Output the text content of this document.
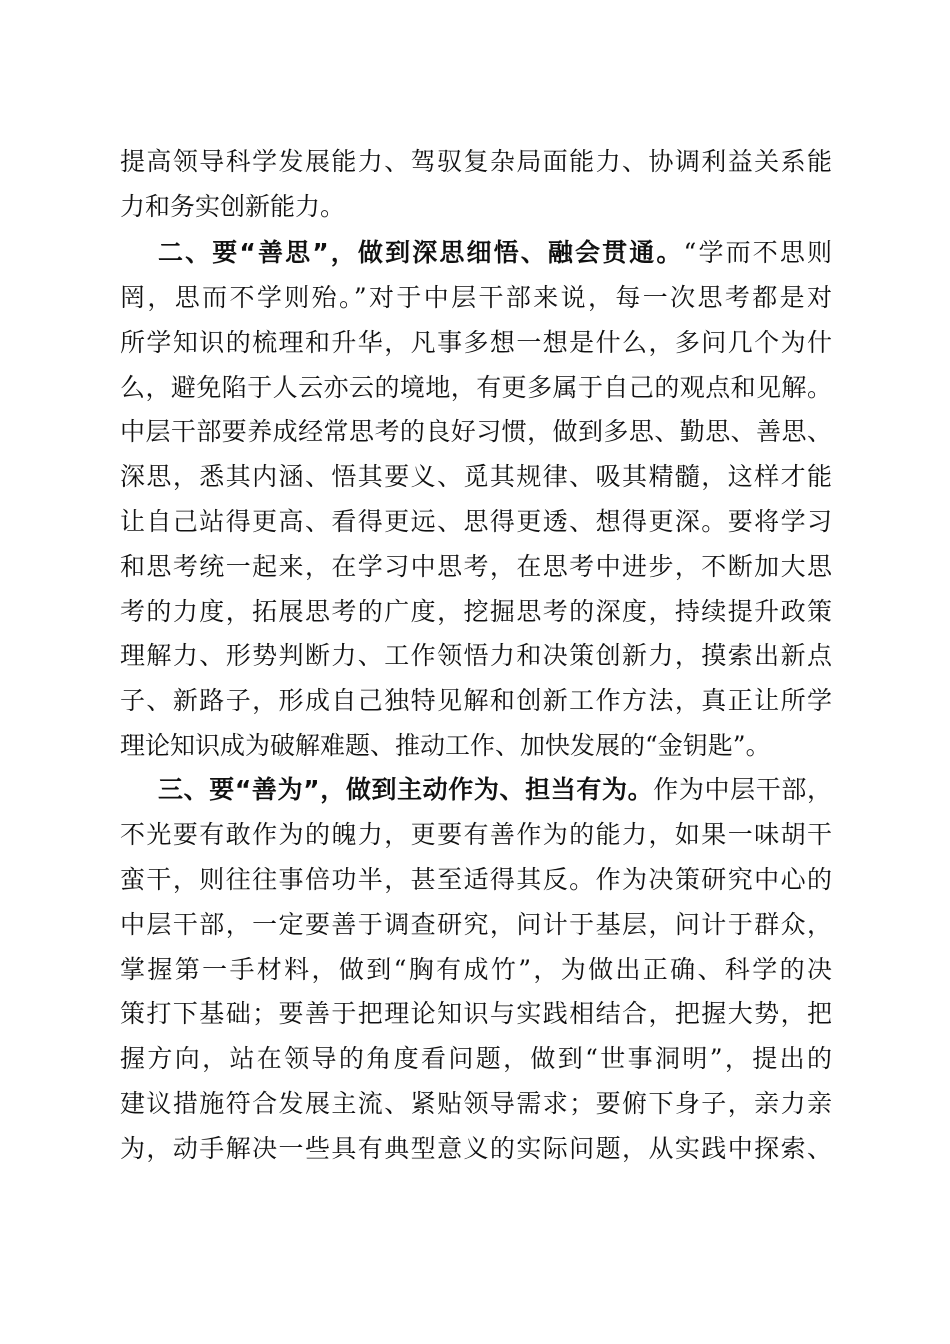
提高领导科学发展能力、驾驭复杂局面能力、协调利益关系能
力和务实创新能力。
二、要“善思”，做到深思细悟、融会贯通。“学而不思则
罔，思而不学则殆。”对于中层干部来说，每一次思考都是对
所学知识的梳理和升华，凡事多想一想是什么，多问几个为什
么，避免陷于人云亦云的境地，有更多属于自己的观点和见解。
中层干部要养成经常思考的良好习惯，做到多思、勤思、善思、
深思，悉其内涵、悟其要义、觅其规律、吸其精髓，这样才能
让自己站得更高、看得更远、思得更透、想得更深。要将学习
和思考统一起来，在学习中思考，在思考中进步，不断加大思
考的力度，拓展思考的广度，挖掘思考的深度，持续提升政策
理解力、形势判断力、工作领悟力和决策创新力，摸索出新点
子、新路子，形成自己独特见解和创新工作方法，真正让所学
理论知识成为破解难题、推动工作、加快发展的“金钥匙”。
三、要“善为”，做到主动作为、担当有为。作为中层干部，
不光要有敢作为的魄力，更要有善作为的能力，如果一味胡干
蛮干，则往往事倍功半，甚至适得其反。作为决策研究中心的
中层干部，一定要善于调查研究，问计于基层，问计于群众，
掌握第一手材料，做到“胸有成竹”，为做出正确、科学的决
策打下基础；要善于把理论知识与实践相结合，把握大势，把
握方向，站在领导的角度看问题，做到“世事洞明”，提出的
建议措施符合发展主流、紧贴领导需求；要俯下身子，亲力亲
为，动手解决一些具有典型意义的实际问题，从实践中探索、
